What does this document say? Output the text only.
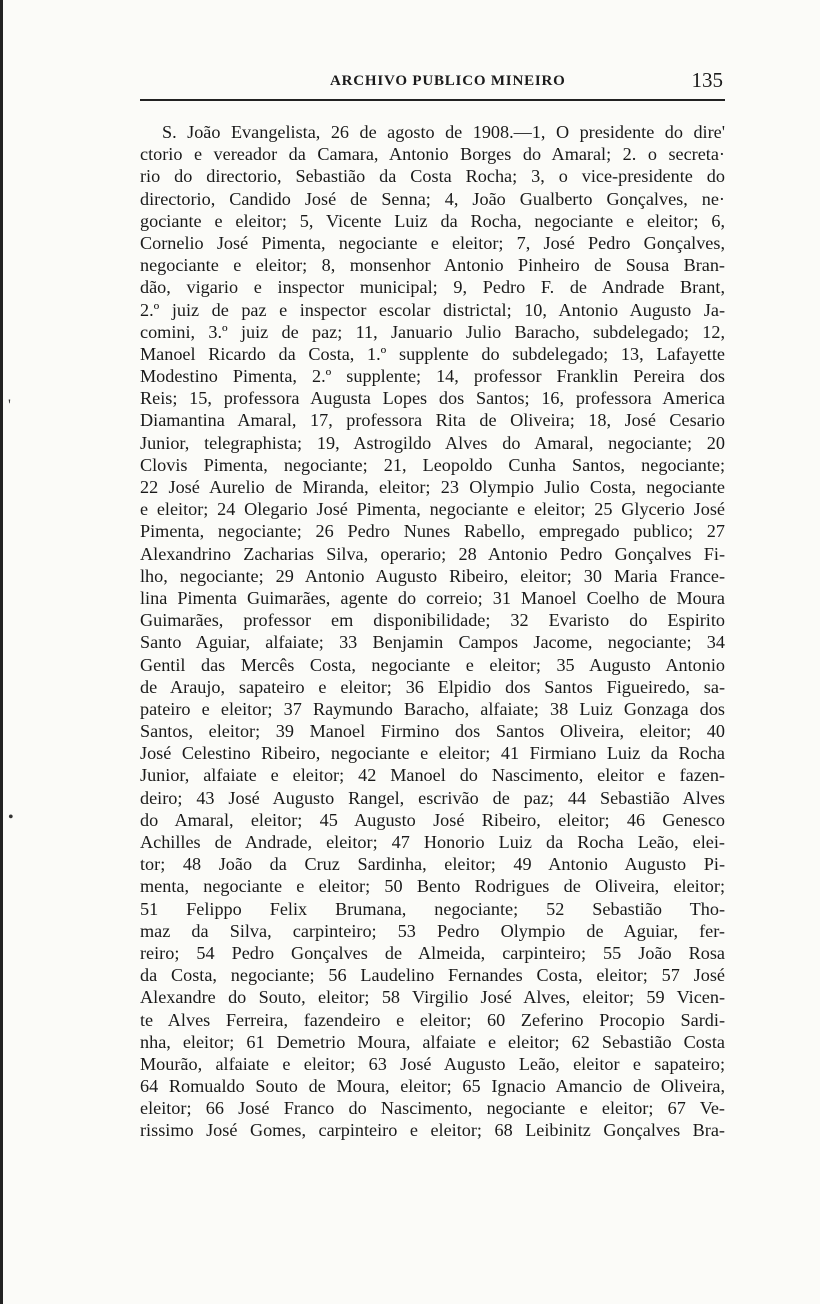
'
•
ARCHIVO PUBLICO MINEIRO	135
S. João Evangelista, 26 de agosto de 1908.—1, O presidente do dire'
ctorio e vereador da Camara, Antonio Borges do Amaral; 2. o secreta·
rio do directorio, Sebastião da Costa Rocha; 3, o vice-presidente do
directorio, Candido José de Senna; 4, João Gualberto Gonçalves, ne·
gociante e eleitor; 5, Vicente Luiz da Rocha, negociante e eleitor; 6,
Cornelio José Pimenta, negociante e eleitor; 7, José Pedro Gonçalves,
negociante e eleitor; 8, monsenhor Antonio Pinheiro de Sousa Bran-
dão, vigario e inspector municipal; 9, Pedro F. de Andrade Brant,
2.º juiz de paz e inspector escolar districtal; 10, Antonio Augusto Ja-
comini, 3.º juiz de paz; 11, Januario Julio Baracho, subdelegado; 12,
Manoel Ricardo da Costa, 1.º supplente do subdelegado; 13, Lafayette
Modestino Pimenta, 2.º supplente; 14, professor Franklin Pereira dos
Reis; 15, professora Augusta Lopes dos Santos; 16, professora America
Diamantina Amaral, 17, professora Rita de Oliveira; 18, José Cesario
Junior, telegraphista; 19, Astrogildo Alves do Amaral, negociante; 20
Clovis Pimenta, negociante; 21, Leopoldo Cunha Santos, negociante;
22 José Aurelio de Miranda, eleitor; 23 Olympio Julio Costa, negociante
e eleitor; 24 Olegario José Pimenta, negociante e eleitor; 25 Glycerio José
Pimenta, negociante; 26 Pedro Nunes Rabello, empregado publico; 27
Alexandrino Zacharias Silva, operario; 28 Antonio Pedro Gonçalves Fi-
lho, negociante; 29 Antonio Augusto Ribeiro, eleitor; 30 Maria France-
lina Pimenta Guimarães, agente do correio; 31 Manoel Coelho de Moura
Guimarães, professor em disponibilidade; 32 Evaristo do Espirito
Santo Aguiar, alfaiate; 33 Benjamin Campos Jacome, negociante; 34
Gentil das Mercês Costa, negociante e eleitor; 35 Augusto Antonio
de Araujo, sapateiro e eleitor; 36 Elpidio dos Santos Figueiredo, sa-
pateiro e eleitor; 37 Raymundo Baracho, alfaiate; 38 Luiz Gonzaga dos
Santos, eleitor; 39 Manoel Firmino dos Santos Oliveira, eleitor; 40
José Celestino Ribeiro, negociante e eleitor; 41 Firmiano Luiz da Rocha
Junior, alfaiate e eleitor; 42 Manoel do Nascimento, eleitor e fazen-
deiro; 43 José Augusto Rangel, escrivão de paz; 44 Sebastião Alves
do Amaral, eleitor; 45 Augusto José Ribeiro, eleitor; 46 Genesco
Achilles de Andrade, eleitor; 47 Honorio Luiz da Rocha Leão, elei-
tor; 48 João da Cruz Sardinha, eleitor; 49 Antonio Augusto Pi-
menta, negociante e eleitor; 50 Bento Rodrigues de Oliveira, eleitor;
51 Felippo Felix Brumana, negociante; 52 Sebastião Tho-
maz da Silva, carpinteiro; 53 Pedro Olympio de Aguiar, fer-
reiro; 54 Pedro Gonçalves de Almeida, carpinteiro; 55 João Rosa
da Costa, negociante; 56 Laudelino Fernandes Costa, eleitor; 57 José
Alexandre do Souto, eleitor; 58 Virgilio José Alves, eleitor; 59 Vicen-
te Alves Ferreira, fazendeiro e eleitor; 60 Zeferino Procopio Sardi-
nha, eleitor; 61 Demetrio Moura, alfaiate e eleitor; 62 Sebastião Costa
Mourão, alfaiate e eleitor; 63 José Augusto Leão, eleitor e sapateiro;
64 Romualdo Souto de Moura, eleitor; 65 Ignacio Amancio de Oliveira,
eleitor; 66 José Franco do Nascimento, negociante e eleitor; 67 Ve-
rissimo José Gomes, carpinteiro e eleitor; 68 Leibinitz Gonçalves Bra-
